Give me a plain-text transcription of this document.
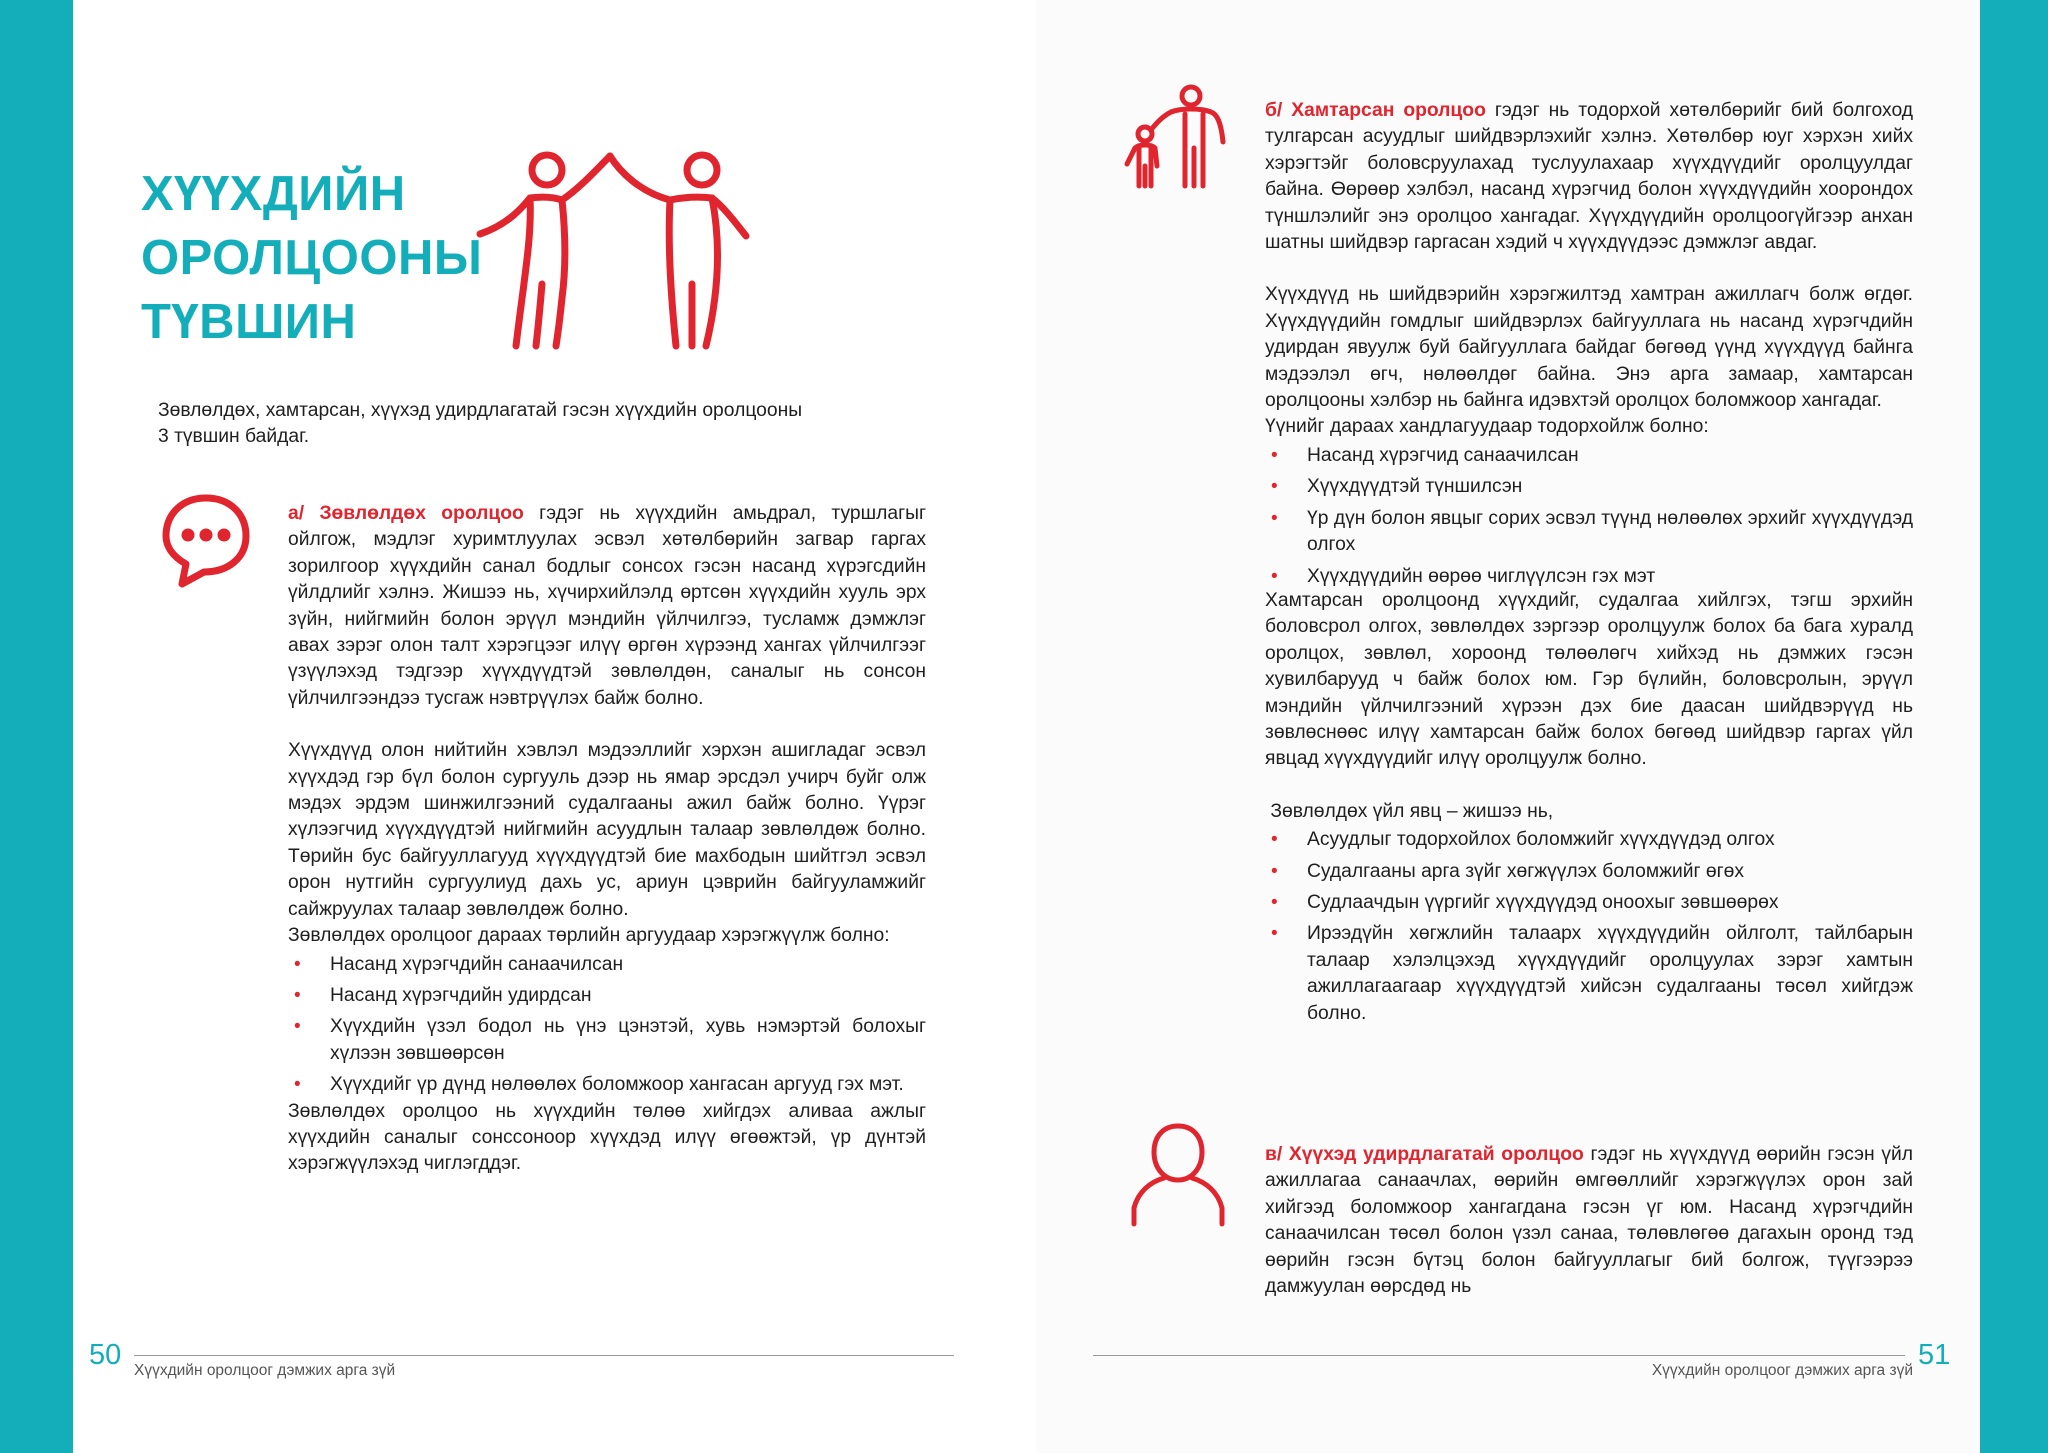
ХҮҮХДИЙН
ОРОЛЦООНЫ
ТҮВШИН

Зөвлөлдөх, хамтарсан, хүүхэд удирдлагатай гэсэн хүүхдийн оролцооны
3 түвшин байдаг.

а/ Зөвлөлдөх оролцоо гэдэг нь хүүхдийн амьдрал, туршлагыг ойлгож, мэдлэг хуримтлуулах эсвэл хөтөлбөрийн загвар гаргах зорилгоор хүүхдийн санал бодлыг сонсох гэсэн насанд хүрэгсдийн үйлдлийг хэлнэ. Жишээ нь, хүчирхийлэлд өртсөн хүүхдийн хууль эрх зүйн, нийгмийн болон эрүүл мэндийн үйлчилгээ, тусламж дэмжлэг авах зэрэг олон талт хэрэгцээг илүү өргөн хүрээнд хангах үйлчилгээг үзүүлэхэд тэдгээр хүүхдүүдтэй зөвлөлдөн, саналыг нь сонсон үйлчилгээндээ тусгаж нэвтрүүлэх байж болно.

Хүүхдүүд олон нийтийн хэвлэл мэдээллийг хэрхэн ашигладаг эсвэл хүүхдэд гэр бүл болон сургууль дээр нь ямар эрсдэл учирч буйг олж мэдэх эрдэм шинжилгээний судалгааны ажил байж болно. Үүрэг хүлээгчид хүүхдүүдтэй нийгмийн асуудлын талаар зөвлөлдөж болно. Төрийн бус байгууллагууд хүүхдүүдтэй бие махбодын шийтгэл эсвэл орон нутгийн сургуулиуд дахь ус, ариун цэврийн байгууламжийг сайжруулах талаар зөвлөлдөж болно.

Зөвлөлдөх оролцоог дараах төрлийн аргуудаар хэрэгжүүлж болно:

• Насанд хүрэгчдийн санаачилсан
• Насанд хүрэгчдийн удирдсан
• Хүүхдийн үзэл бодол нь үнэ цэнэтэй, хувь нэмэртэй болохыг хүлээн зөвшөөрсөн
• Хүүхдийг үр дүнд нөлөөлөх боломжоор хангасан аргууд гэх мэт.

Зөвлөлдөх оролцоо нь хүүхдийн төлөө хийгдэх аливаа ажлыг хүүхдийн саналыг сонссоноор хүүхдэд илүү өгөөжтэй, үр дүнтэй хэрэгжүүлэхэд чиглэгддэг.

50 Хүүхдийн оролцоог дэмжих арга зүй

б/ Хамтарсан оролцоо гэдэг нь тодорхой хөтөлбөрийг бий болгоход тулгарсан асуудлыг шийдвэрлэхийг хэлнэ. Хөтөлбөр юуг хэрхэн хийх хэрэгтэйг боловсруулахад туслуулахаар хүүхдүүдийг оролцуулдаг байна. Өөрөөр хэлбэл, насанд хүрэгчид болон хүүхдүүдийн хоорондох түншлэлийг энэ оролцоо хангадаг. Хүүхдүүдийн оролцоогүйгээр анхан шатны шийдвэр гаргасан хэдий ч хүүхдүүдээс дэмжлэг авдаг.

Хүүхдүүд нь шийдвэрийн хэрэгжилтэд хамтран ажиллагч болж өгдөг. Хүүхдүүдийн гомдлыг шийдвэрлэх байгууллага нь насанд хүрэгчдийн удирдан явуулж буй байгууллага байдаг бөгөөд үүнд хүүхдүүд байнга мэдээлэл өгч, нөлөөлдөг байна. Энэ арга замаар, хамтарсан оролцооны хэлбэр нь байнга идэвхтэй оролцох боломжоор хангадаг.

Үүнийг дараах хандлагуудаар тодорхойлж болно:

• Насанд хүрэгчид санаачилсан
• Хүүхдүүдтэй түншилсэн
• Үр дүн болон явцыг сорих эсвэл түүнд нөлөөлөх эрхийг хүүхдүүдэд олгох
• Хүүхдүүдийн өөрөө чиглүүлсэн гэх мэт

Хамтарсан оролцоонд хүүхдийг, судалгаа хийлгэх, тэгш эрхийн боловсрол олгох, зөвлөлдөх зэргээр оролцуулж болох ба бага хуралд оролцох, зөвлөл, хороонд төлөөлөгч хийхэд нь дэмжих гэсэн хувилбарууд ч байж болох юм. Гэр бүлийн, боловсролын, эрүүл мэндийн үйлчилгээний хүрээн дэх бие даасан шийдвэрүүд нь зөвлөснөөс илүү хамтарсан байж болох бөгөөд шийдвэр гаргах үйл явцад хүүхдүүдийг илүү оролцуулж болно.

Зөвлөлдөх үйл явц – жишээ нь,

• Асуудлыг тодорхойлох боломжийг хүүхдүүдэд олгох
• Судалгааны арга зүйг хөгжүүлэх боломжийг өгөх
• Судлаачдын үүргийг хүүхдүүдэд оноохыг зөвшөөрөх
• Ирээдүйн хөгжлийн талаарх хүүхдүүдийн ойлголт, тайлбарын талаар хэлэлцэхэд хүүхдүүдийг оролцуулах зэрэг хамтын ажиллагаагаар хүүхдүүдтэй хийсэн судалгааны төсөл хийгдэж болно.

в/ Хүүхэд удирдлагатай оролцоо гэдэг нь хүүхдүүд өөрийн гэсэн үйл ажиллагаа санаачлах, өөрийн өмгөөллийг хэрэгжүүлэх орон зай хийгээд боломжоор хангагдана гэсэн үг юм. Насанд хүрэгчдийн санаачилсан төсөл болон үзэл санаа, төлөвлөгөө дагахын оронд тэд өөрийн гэсэн бүтэц болон байгууллагыг бий болгож, түүгээрээ дамжуулан өөрсдөд нь

Хүүхдийн оролцоог дэмжих арга зүй 51
